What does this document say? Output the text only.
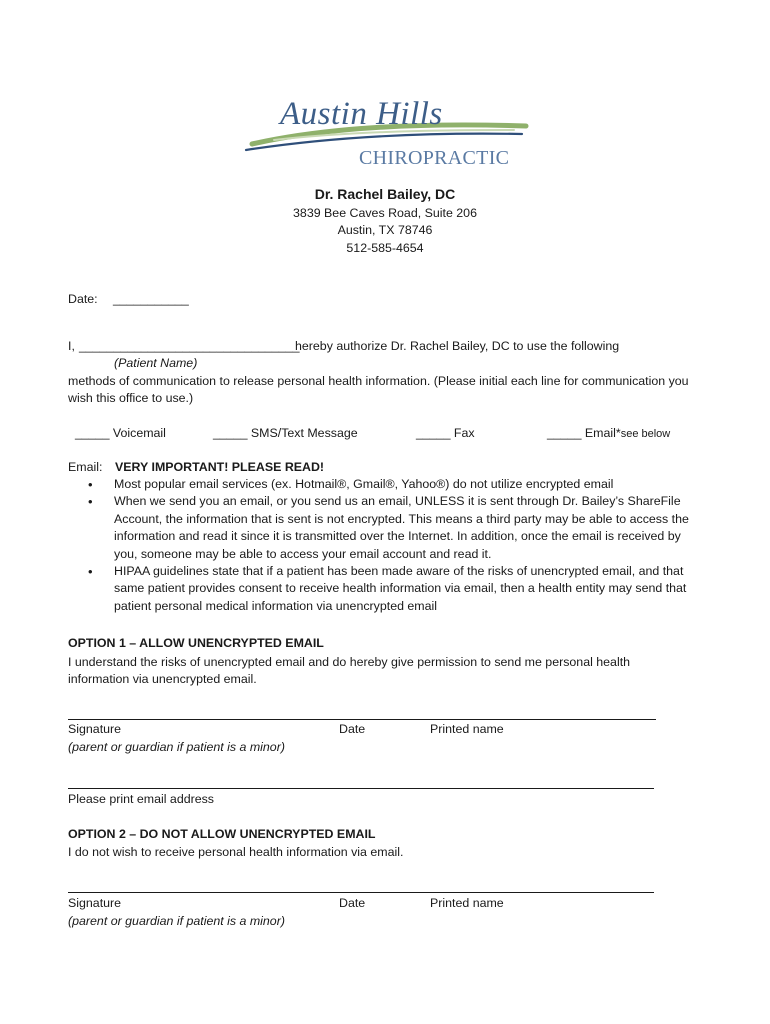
Austin Hills
CHIROPRACTIC
Dr. Rachel Bailey, DC
3839 Bee Caves Road, Suite 206
Austin, TX 78746
512-585-4654
Date: ___________
I, ________________________________
hereby authorize Dr. Rachel Bailey, DC to use the following
(Patient Name)
methods of communication to release personal health information. (Please initial each line for communication you wish this office to use.)
_____ Voicemail	_____ SMS/Text Message	_____ Fax	_____ Email*see below
Email: VERY IMPORTANT! PLEASE READ!
• Most popular email services (ex. Hotmail®, Gmail®, Yahoo®) do not utilize encrypted email
• When we send you an email, or you send us an email, UNLESS it is sent through Dr. Bailey’s ShareFile Account, the information that is sent is not encrypted. This means a third party may be able to access the information and read it since it is transmitted over the Internet. In addition, once the email is received by you, someone may be able to access your email account and read it.
• HIPAA guidelines state that if a patient has been made aware of the risks of unencrypted email, and that same patient provides consent to receive health information via email, then a health entity may send that patient personal medical information via unencrypted email
OPTION 1 – ALLOW UNENCRYPTED EMAIL
I understand the risks of unencrypted email and do hereby give permission to send me personal health information via unencrypted email.
Signature	Date	Printed name
(parent or guardian if patient is a minor)
Please print email address
OPTION 2 – DO NOT ALLOW UNENCRYPTED EMAIL
I do not wish to receive personal health information via email.
Signature	Date	Printed name
(parent or guardian if patient is a minor)
